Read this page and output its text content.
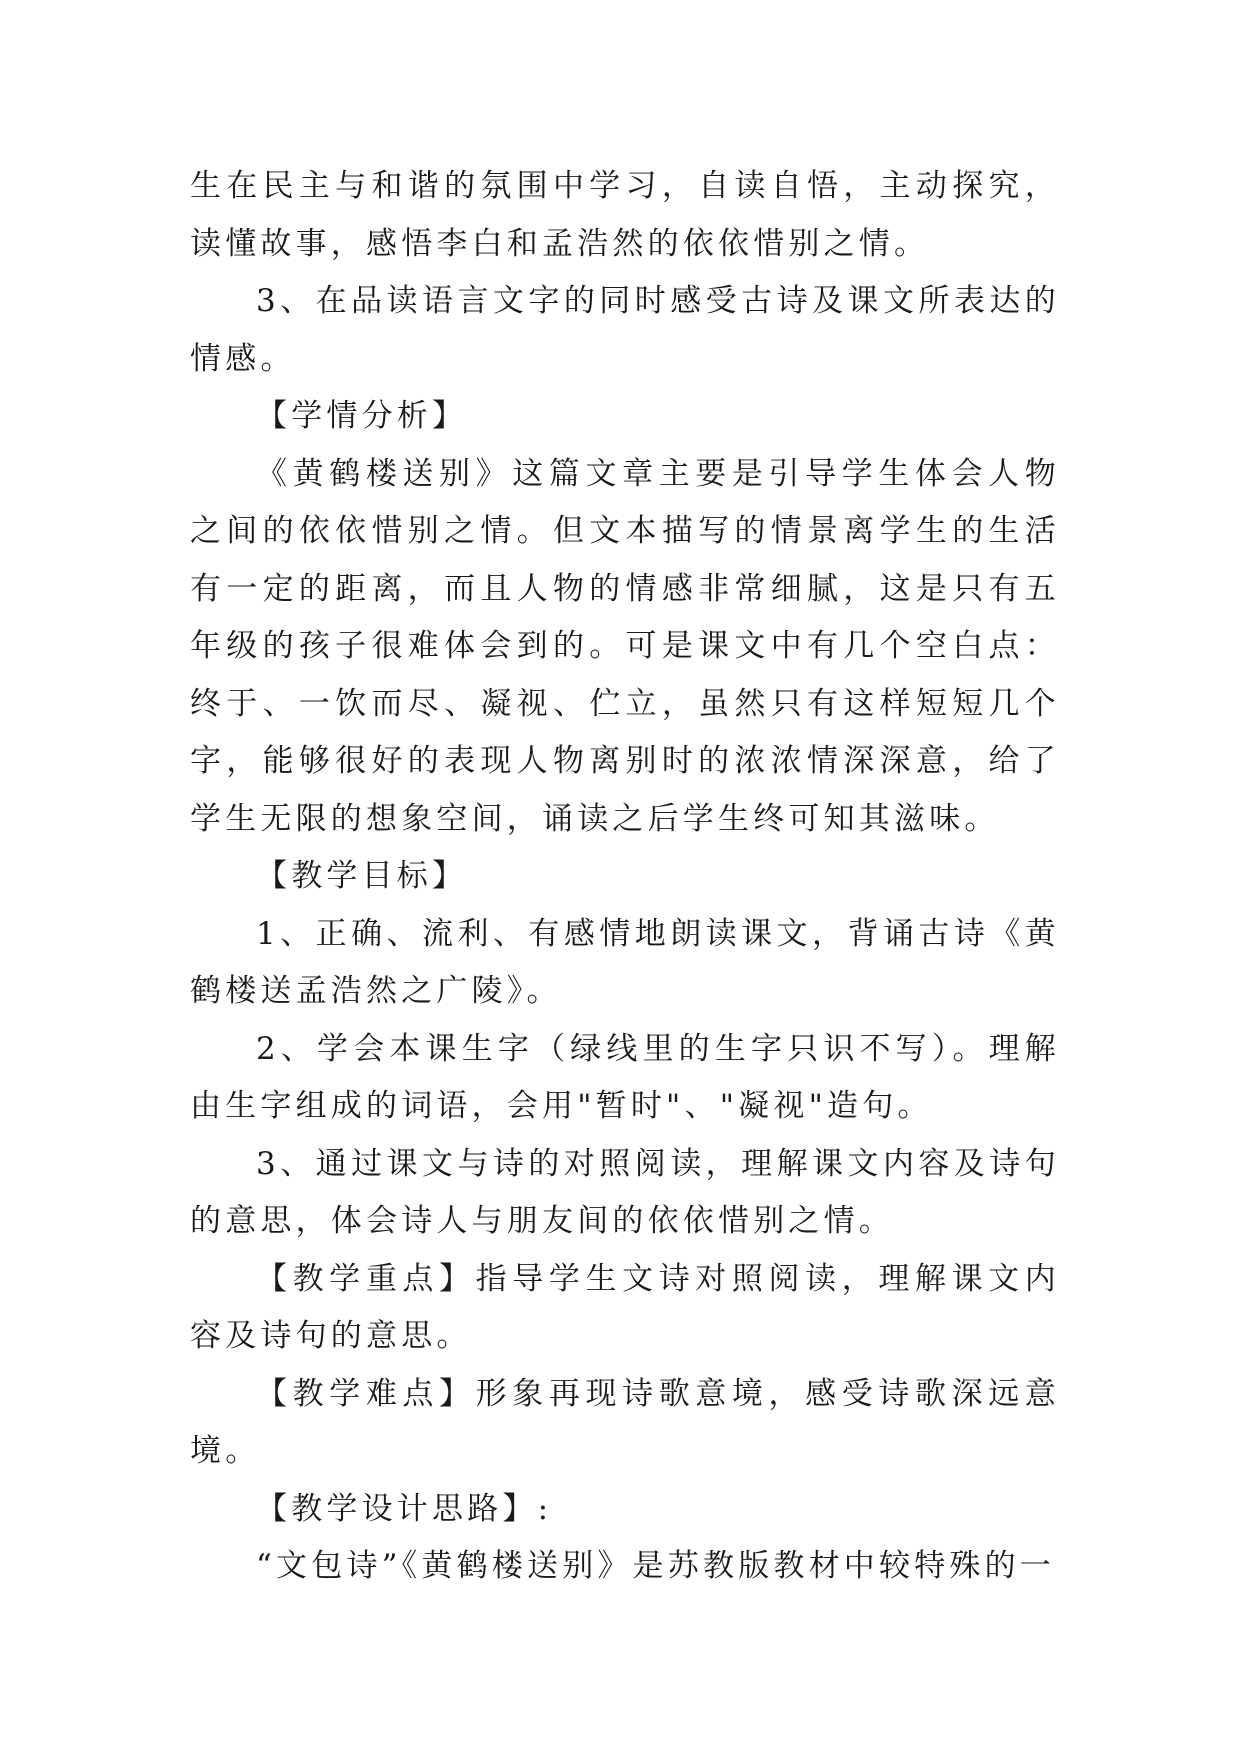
生在民主与和谐的氛围中学习，自读自悟，主动探究，读懂故事，感悟李白和孟浩然的依依惜别之情。

3、在品读语言文字的同时感受古诗及课文所表达的情感。

【学情分析】

《黄鹤楼送别》这篇文章主要是引导学生体会人物之间的依依惜别之情。但文本描写的情景离学生的生活有一定的距离，而且人物的情感非常细腻，这是只有五年级的孩子很难体会到的。可是课文中有几个空白点：终于、一饮而尽、凝视、伫立，虽然只有这样短短几个字，能够很好的表现人物离别时的浓浓情深深意，给了学生无限的想象空间，诵读之后学生终可知其滋味。

【教学目标】

1、正确、流利、有感情地朗读课文，背诵古诗《黄鹤楼送孟浩然之广陵》。

2、学会本课生字（绿线里的生字只识不写）。理解由生字组成的词语，会用"暂时"、"凝视"造句。

3、通过课文与诗的对照阅读，理解课文内容及诗句的意思，体会诗人与朋友间的依依惜别之情。

【教学重点】指导学生文诗对照阅读，理解课文内容及诗句的意思。

【教学难点】形象再现诗歌意境，感受诗歌深远意境。

【教学设计思路】:

“文包诗”《黄鹤楼送别》是苏教版教材中较特殊的一
